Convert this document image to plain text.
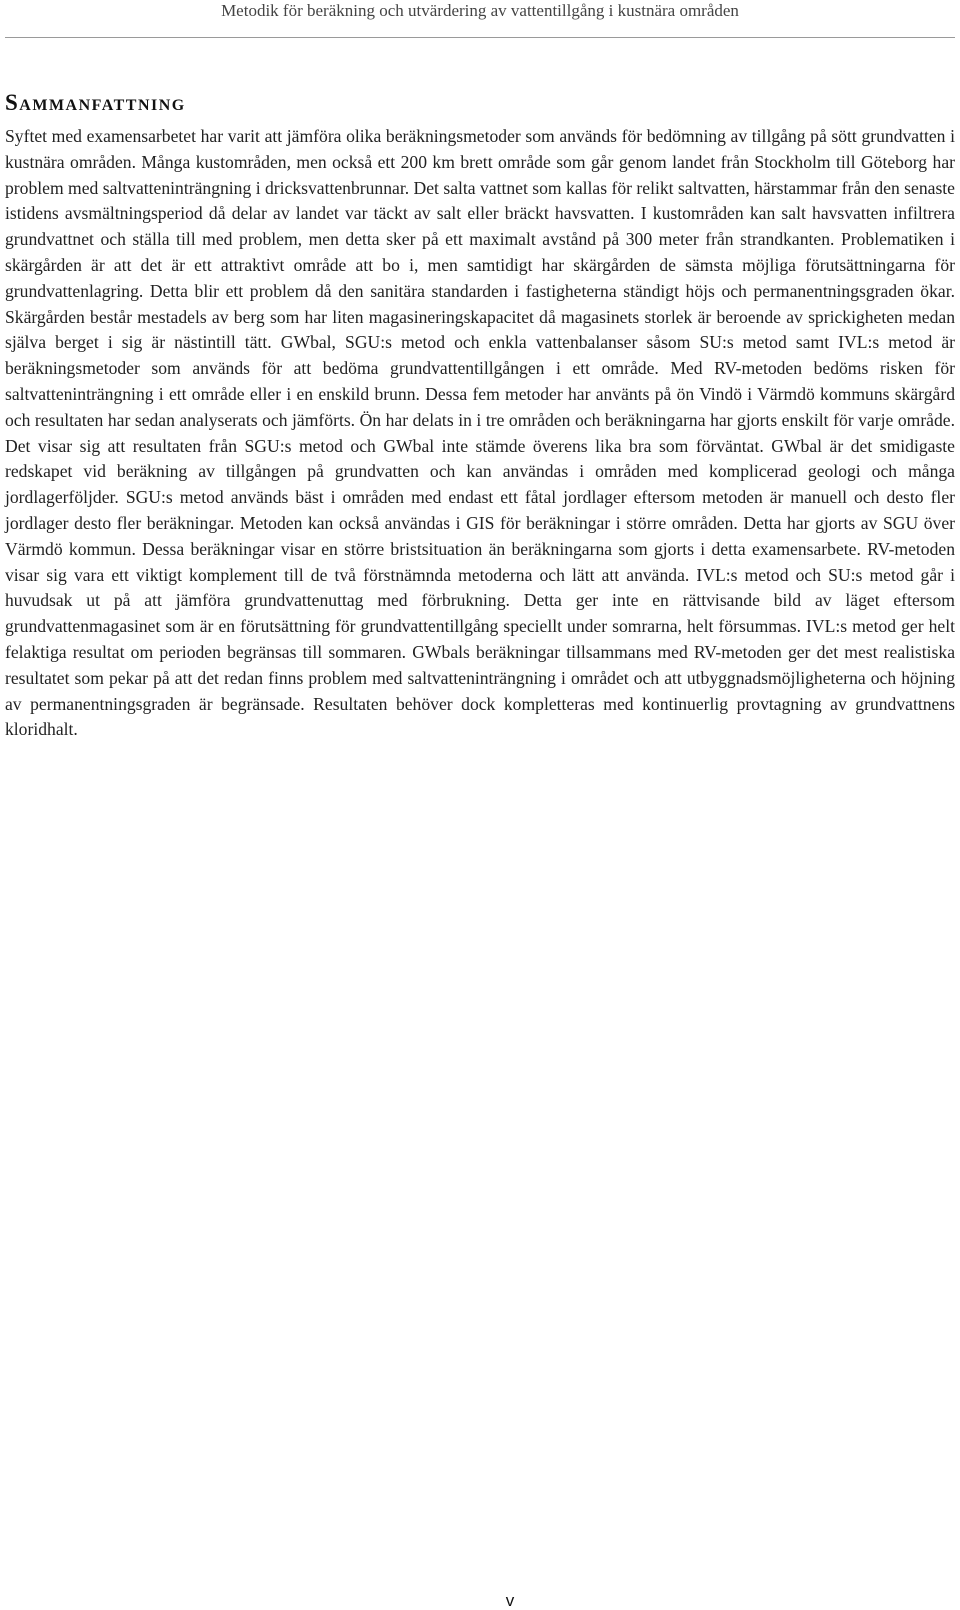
Metodik för beräkning och utvärdering av vattentillgång i kustnära områden
Sammanfattning

Syftet med examensarbetet har varit att jämföra olika beräkningsmetoder som används för bedömning av tillgång på sött grundvatten i kustnära områden. Många kustområden, men också ett 200 km brett område som går genom landet från Stockholm till Göteborg har problem med saltvatteninträngning i dricksvattenbrunnar. Det salta vattnet som kallas för relikt saltvatten, härstammar från den senaste istidens avsmältningsperiod då delar av landet var täckt av salt eller bräckt havsvatten. I kustområden kan salt havsvatten infiltrera grundvattnet och ställa till med problem, men detta sker på ett maximalt avstånd på 300 meter från strandkanten. Problematiken i skärgården är att det är ett attraktivt område att bo i, men samtidigt har skärgården de sämsta möjliga förutsättningarna för grundvattenlagring. Detta blir ett problem då den sanitära standarden i fastigheterna ständigt höjs och permanentningsgraden ökar. Skärgården består mestadels av berg som har liten magasineringskapacitet då magasinets storlek är beroende av sprickigheten medan själva berget i sig är nästintill tätt. GWbal, SGU:s metod och enkla vattenbalanser såsom SU:s metod samt IVL:s metod är beräkningsmetoder som används för att bedöma grundvattentillgången i ett område. Med RV-metoden bedöms risken för saltvatteninträngning i ett område eller i en enskild brunn. Dessa fem metoder har använts på ön Vindö i Värmdö kommuns skärgård och resultaten har sedan analyserats och jämförts. Ön har delats in i tre områden och beräkningarna har gjorts enskilt för varje område. Det visar sig att resultaten från SGU:s metod och GWbal inte stämde överens lika bra som förväntat. GWbal är det smidigaste redskapet vid beräkning av tillgången på grundvatten och kan användas i områden med komplicerad geologi och många jordlagerföljder. SGU:s metod används bäst i områden med endast ett fåtal jordlager eftersom metoden är manuell och desto fler jordlager desto fler beräkningar. Metoden kan också användas i GIS för beräkningar i större områden. Detta har gjorts av SGU över Värmdö kommun. Dessa beräkningar visar en större bristsituation än beräkningarna som gjorts i detta examensarbete. RV-metoden visar sig vara ett viktigt komplement till de två förstnämnda metoderna och lätt att använda. IVL:s metod och SU:s metod går i huvudsak ut på att jämföra grundvattenuttag med förbrukning. Detta ger inte en rättvisande bild av läget eftersom grundvattenmagasinet som är en förutsättning för grundvattentillgång speciellt under somrarna, helt försummas. IVL:s metod ger helt felaktiga resultat om perioden begränsas till sommaren. GWbals beräkningar tillsammans med RV-metoden ger det mest realistiska resultatet som pekar på att det redan finns problem med saltvatteninträngning i området och att utbyggnadsmöjligheterna och höjning av permanentningsgraden är begränsade. Resultaten behöver dock kompletteras med kontinuerlig provtagning av grundvattnens kloridhalt.

v
